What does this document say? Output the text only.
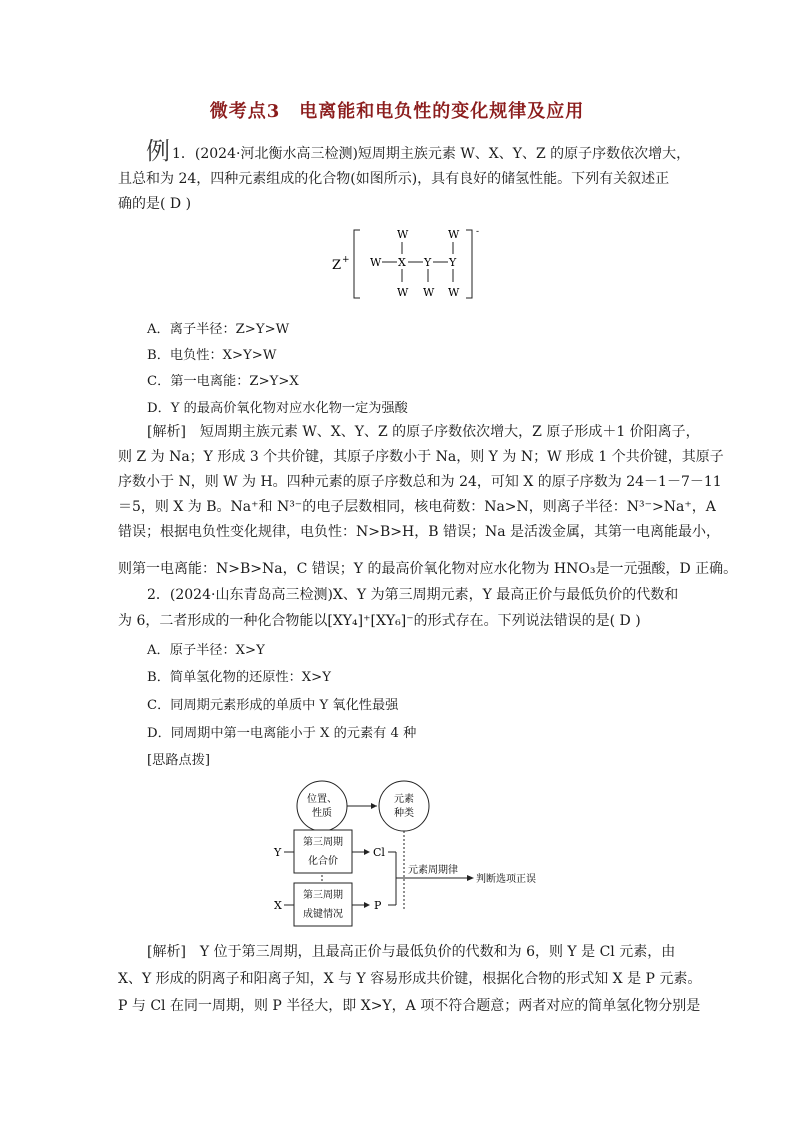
微考点3　电离能和电负性的变化规律及应用
例 1．(2024·河北衡水高三检测)短周期主族元素 W、X、Y、Z 的原子序数依次增大，
且总和为 24，四种元素组成的化合物(如图所示)，具有良好的储氢性能。下列有关叙述正
确的是( D )
Z +
-
W	W
W X Y Y
W W W
A．离子半径：Z>Y>W
B．电负性：X>Y>W
C．第一电离能：Z>Y>X
D．Y 的最高价氧化物对应水化物一定为强酸
[解析]　短周期主族元素 W、X、Y、Z 的原子序数依次增大，Z 原子形成＋1 价阳离子，
则 Z 为 Na；Y 形成 3 个共价键，其原子序数小于 Na，则 Y 为 N；W 形成 1 个共价键，其原子
序数小于 N，则 W 为 H。四种元素的原子序数总和为 24，可知 X 的原子序数为 24－1－7－11
＝5，则 X 为 B。Na⁺和 N³⁻的电子层数相同，核电荷数：Na>N，则离子半径：N³⁻>Na⁺，A
错误；根据电负性变化规律，电负性：N>B>H，B 错误；Na 是活泼金属，其第一电离能最小，
则第一电离能：N>B>Na，C 错误；Y 的最高价氧化物对应水化物为 HNO₃是一元强酸，D 正确。
2．(2024·山东青岛高三检测)X、Y 为第三周期元素，Y 最高正价与最低负价的代数和
为 6，二者形成的一种化合物能以[XY₄]⁺[XY₆]⁻的形式存在。下列说法错误的是( D )
A．原子半径：X>Y
B．简单氢化物的还原性：X>Y
C．同周期元素形成的单质中 Y 氧化性最强
D．同周期中第一电离能小于 X 的元素有 4 种
[思路点拨]
位置、
性质
元素
种类
第三周期
化合价
第三周期
成键情况
Y
X
Cl
P
元素周期律
判断选项正误
[解析]　Y 位于第三周期，且最高正价与最低负价的代数和为 6，则 Y 是 Cl 元素，由
X、Y 形成的阴离子和阳离子知，X 与 Y 容易形成共价键，根据化合物的形式知 X 是 P 元素。
P 与 Cl 在同一周期，则 P 半径大，即 X>Y，A 项不符合题意；两者对应的简单氢化物分别是
